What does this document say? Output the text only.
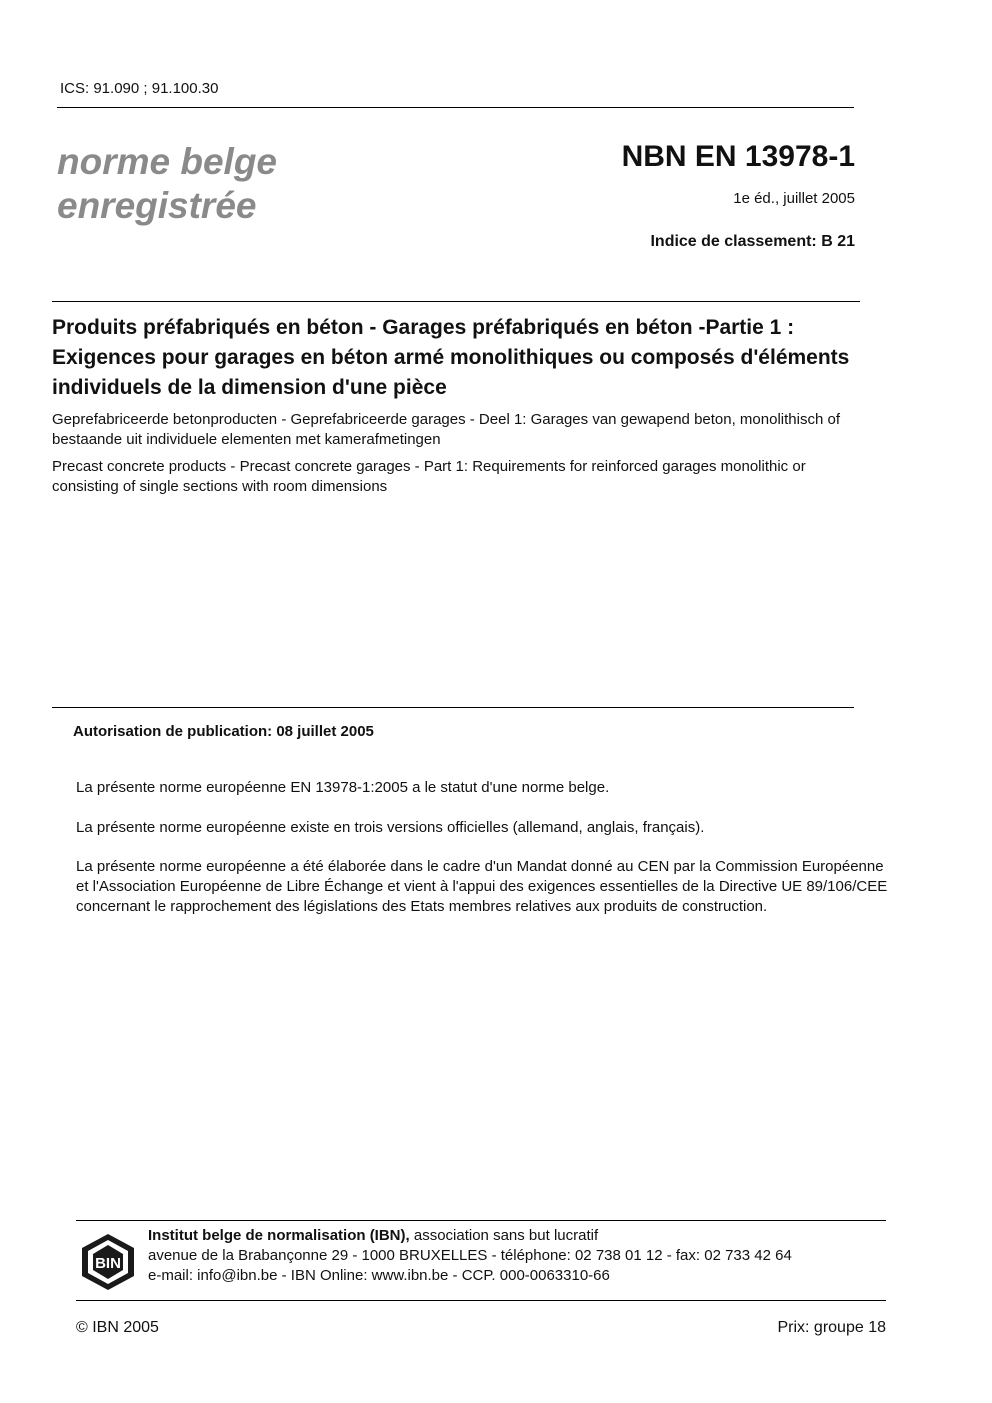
ICS: 91.090 ; 91.100.30
norme belge
enregistrée
NBN EN 13978-1
1e éd., juillet 2005
Indice de classement: B 21
Produits préfabriqués en béton - Garages préfabriqués en béton -Partie 1 : Exigences pour garages en béton armé monolithiques ou composés d'éléments individuels de la dimension d'une pièce
Geprefabriceerde betonproducten - Geprefabriceerde garages - Deel 1: Garages van gewapend beton, monolithisch of bestaande uit individuele elementen met kamerafmetingen
Precast concrete products - Precast concrete garages - Part 1: Requirements for reinforced garages monolithic or consisting of single sections with room dimensions
Autorisation de publication: 08 juillet 2005
La présente norme européenne EN 13978-1:2005 a le statut d'une norme belge.
La présente norme européenne existe en trois versions officielles (allemand, anglais, français).
La présente norme européenne a été élaborée dans le cadre d'un Mandat donné au CEN par la Commission Européenne et l'Association Européenne de Libre Échange et vient à l'appui des exigences essentielles de la Directive UE 89/106/CEE concernant le rapprochement des législations des Etats membres relatives aux produits de construction.
BIN
Institut belge de normalisation (IBN), association sans but lucratif
avenue de la Brabançonne 29 - 1000 BRUXELLES - téléphone: 02 738 01 12 - fax: 02 733 42 64
e-mail: info@ibn.be - IBN Online: www.ibn.be - CCP. 000-0063310-66
© IBN 2005	Prix: groupe 18
